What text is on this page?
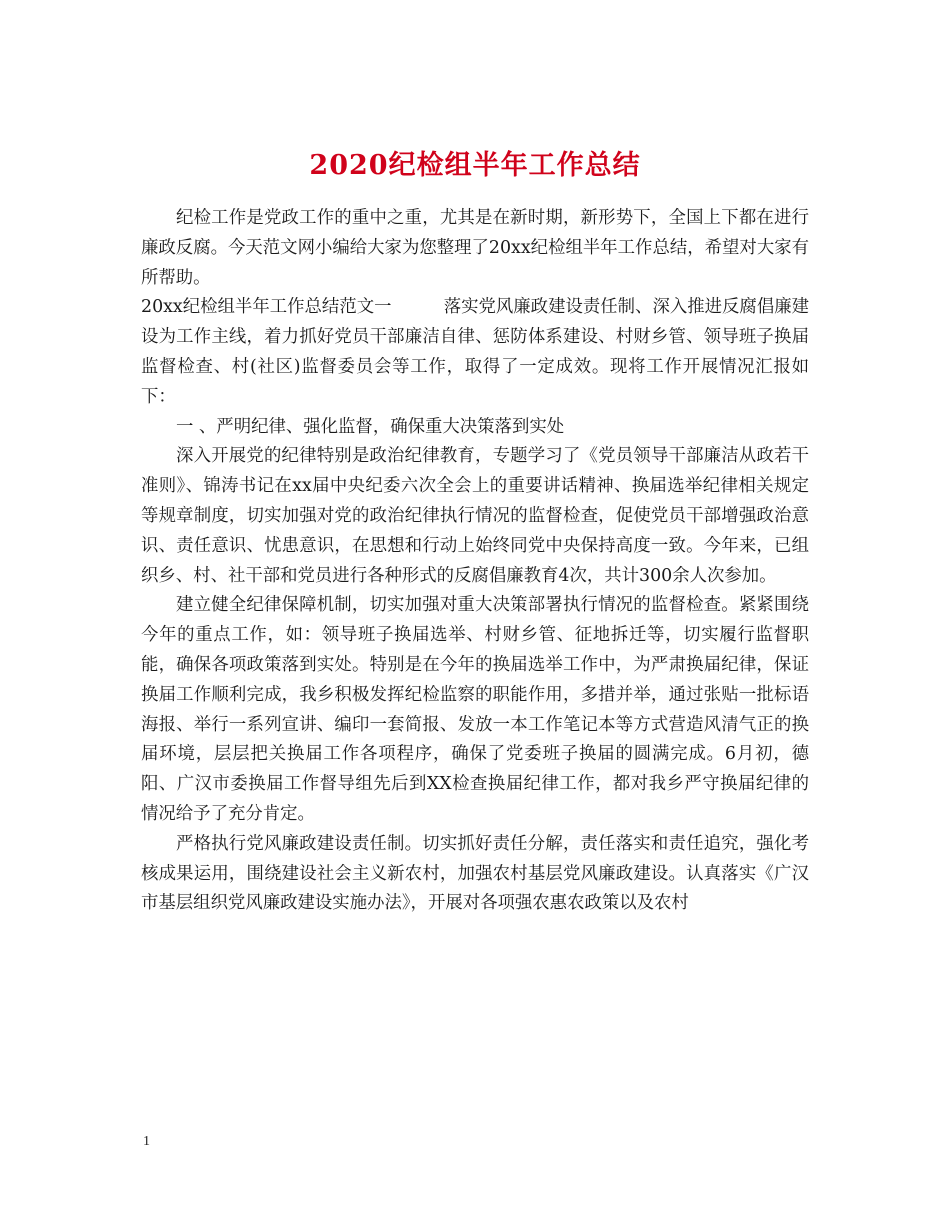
2020纪检组半年工作总结

纪检工作是党政工作的重中之重，尤其是在新时期，新形势下，全国上下都在进行廉政反腐。今天范文网小编给大家为您整理了20xx纪检组半年工作总结，希望对大家有所帮助。

20xx纪检组半年工作总结范文一　　　落实党风廉政建设责任制、深入推进反腐倡廉建设为工作主线，着力抓好党员干部廉洁自律、惩防体系建设、村财乡管、领导班子换届监督检查、村(社区)监督委员会等工作，取得了一定成效。现将工作开展情况汇报如下：

一 、严明纪律、强化监督，确保重大决策落到实处

深入开展党的纪律特别是政治纪律教育，专题学习了《党员领导干部廉洁从政若干准则》、锦涛书记在xx届中央纪委六次全会上的重要讲话精神、换届选举纪律相关规定等规章制度，切实加强对党的政治纪律执行情况的监督检查，促使党员干部增强政治意识、责任意识、忧患意识，在思想和行动上始终同党中央保持高度一致。今年来，已组织乡、村、社干部和党员进行各种形式的反腐倡廉教育4次，共计300余人次参加。

建立健全纪律保障机制，切实加强对重大决策部署执行情况的监督检查。紧紧围绕今年的重点工作，如：领导班子换届选举、村财乡管、征地拆迁等，切实履行监督职能，确保各项政策落到实处。特别是在今年的换届选举工作中，为严肃换届纪律，保证换届工作顺利完成，我乡积极发挥纪检监察的职能作用，多措并举，通过张贴一批标语海报、举行一系列宣讲、编印一套简报、发放一本工作笔记本等方式营造风清气正的换届环境，层层把关换届工作各项程序，确保了党委班子换届的圆满完成。6月初，德阳、广汉市委换届工作督导组先后到XX检查换届纪律工作，都对我乡严守换届纪律的情况给予了充分肯定。

严格执行党风廉政建设责任制。切实抓好责任分解，责任落实和责任追究，强化考核成果运用，围绕建设社会主义新农村，加强农村基层党风廉政建设。认真落实《广汉市基层组织党风廉政建设实施办法》，开展对各项强农惠农政策以及农村

1
